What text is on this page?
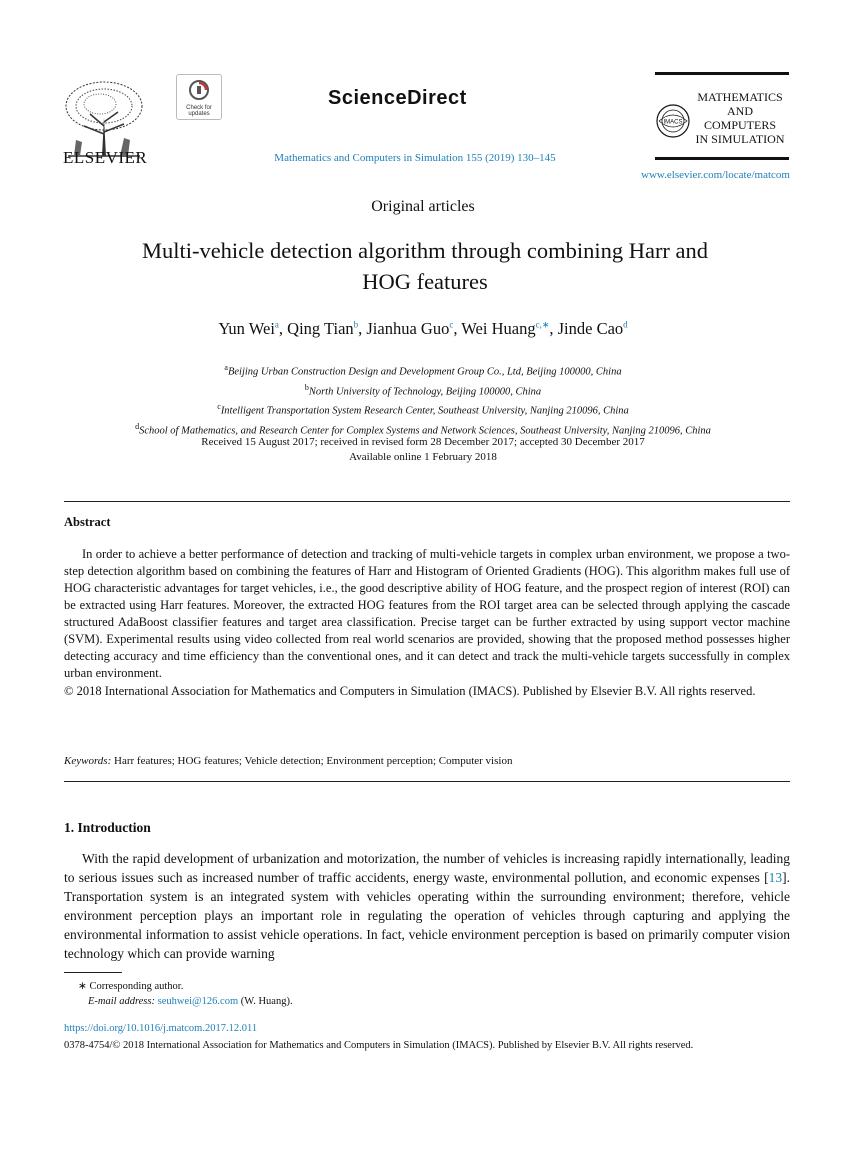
ELSEVIER
Check for updates
ScienceDirect
Mathematics and Computers in Simulation 155 (2019) 130–145
IMACS
MATHEMATICS
AND
COMPUTERS
IN SIMULATION
www.elsevier.com/locate/matcom
Original articles
Multi-vehicle detection algorithm through combining Harr and
HOG features
Yun Wei$^a$, Qing Tian$^b$, Jianhua Guo$^c$, Wei Huang$^{c,∗}$, Jinde Cao$^d$
$^a$Beijing Urban Construction Design and Development Group Co., Ltd, Beijing 100000, China
$^b$North University of Technology, Beijing 100000, China
$^c$Intelligent Transportation System Research Center, Southeast University, Nanjing 210096, China
$^d$School of Mathematics, and Research Center for Complex Systems and Network Sciences, Southeast University, Nanjing 210096, China
Received 15 August 2017; received in revised form 28 December 2017; accepted 30 December 2017
Available online 1 February 2018
Abstract
In order to achieve a better performance of detection and tracking of multi-vehicle targets in complex urban environment, we propose a two-step detection algorithm based on combining the features of Harr and Histogram of Oriented Gradients (HOG). This algorithm makes full use of HOG characteristic advantages for target vehicles, i.e., the good descriptive ability of HOG feature, and the prospect region of interest (ROI) can be extracted using Harr features. Moreover, the extracted HOG features from the ROI target area can be selected through applying the cascade structured AdaBoost classifier features and target area classification. Precise target can be further extracted by using support vector machine (SVM). Experimental results using video collected from real world scenarios are provided, showing that the proposed method possesses higher detecting accuracy and time efficiency than the conventional ones, and it can detect and track the multi-vehicle targets successfully in complex urban environment.
© 2018 International Association for Mathematics and Computers in Simulation (IMACS). Published by Elsevier B.V. All rights reserved.
Keywords: Harr features; HOG features; Vehicle detection; Environment perception; Computer vision
1. Introduction
With the rapid development of urbanization and motorization, the number of vehicles is increasing rapidly internationally, leading to serious issues such as increased number of traffic accidents, energy waste, environmental pollution, and economic expenses [13]. Transportation system is an integrated system with vehicles operating within the surrounding environment; therefore, vehicle environment perception plays an important role in regulating the operation of vehicles through capturing and applying the environmental information to assist vehicle operations. In fact, vehicle environment perception is based on primarily computer vision technology which can provide warning
∗ Corresponding author.
E-mail address: seuhwei@126.com (W. Huang).
https://doi.org/10.1016/j.matcom.2017.12.011
0378-4754/© 2018 International Association for Mathematics and Computers in Simulation (IMACS). Published by Elsevier B.V. All rights reserved.
